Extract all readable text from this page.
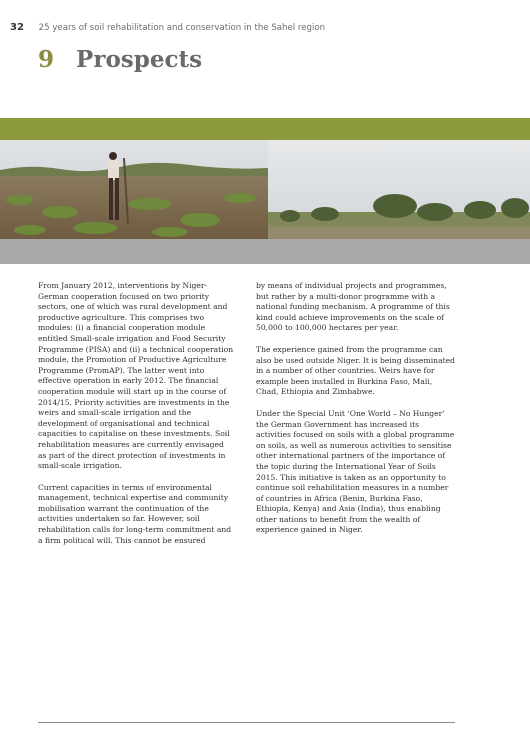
32 25 years of soil rehabilitation and conservation in the Sahel region
9 Prospects

From January 2012, interventions by Niger-German cooperation focused on two priority sectors, one of which was rural development and productive agriculture. This comprises two modules: (i) a financial cooperation module entitled Small-scale irrigation and Food Security Programme (PISA) and (ii) a technical cooperation module, the Promotion of Productive Agriculture Programme (PromAP). The latter went into effective operation in early 2012. The financial cooperation module will start up in the course of 2014/15. Priority activities are investments in the weirs and small-scale irrigation and the development of organisational and technical capacities to capitalise on these investments. Soil rehabilitation measures are currently envisaged as part of the direct protection of investments in small-scale irrigation.

Current capacities in terms of environmental management, technical expertise and community mobilisation warrant the continuation of the activities undertaken so far. However, soil rehabilitation calls for long-term commitment and a firm political will. This cannot be ensured

by means of individual projects and programmes, but rather by a multi-donor programme with a national funding mechanism. A programme of this kind could achieve improvements on the scale of 50,000 to 100,000 hectares per year.

The experience gained from the programme can also be used outside Niger. It is being disseminated in a number of other countries. Weirs have for example been installed in Burkina Faso, Mali, Chad, Ethiopia and Zimbabwe.

Under the Special Unit ‘One World – No Hunger’ the German Government has increased its activities focused on soils with a global programme on soils, as well as numerous activities to sensitise other international partners of the importance of the topic during the International Year of Soils 2015. This initiative is taken as an opportunity to continue soil rehabilitation measures in a number of countries in Africa (Benin, Burkina Faso, Ethiopia, Kenya) and Asia (India), thus enabling other nations to benefit from the wealth of experience gained in Niger.
